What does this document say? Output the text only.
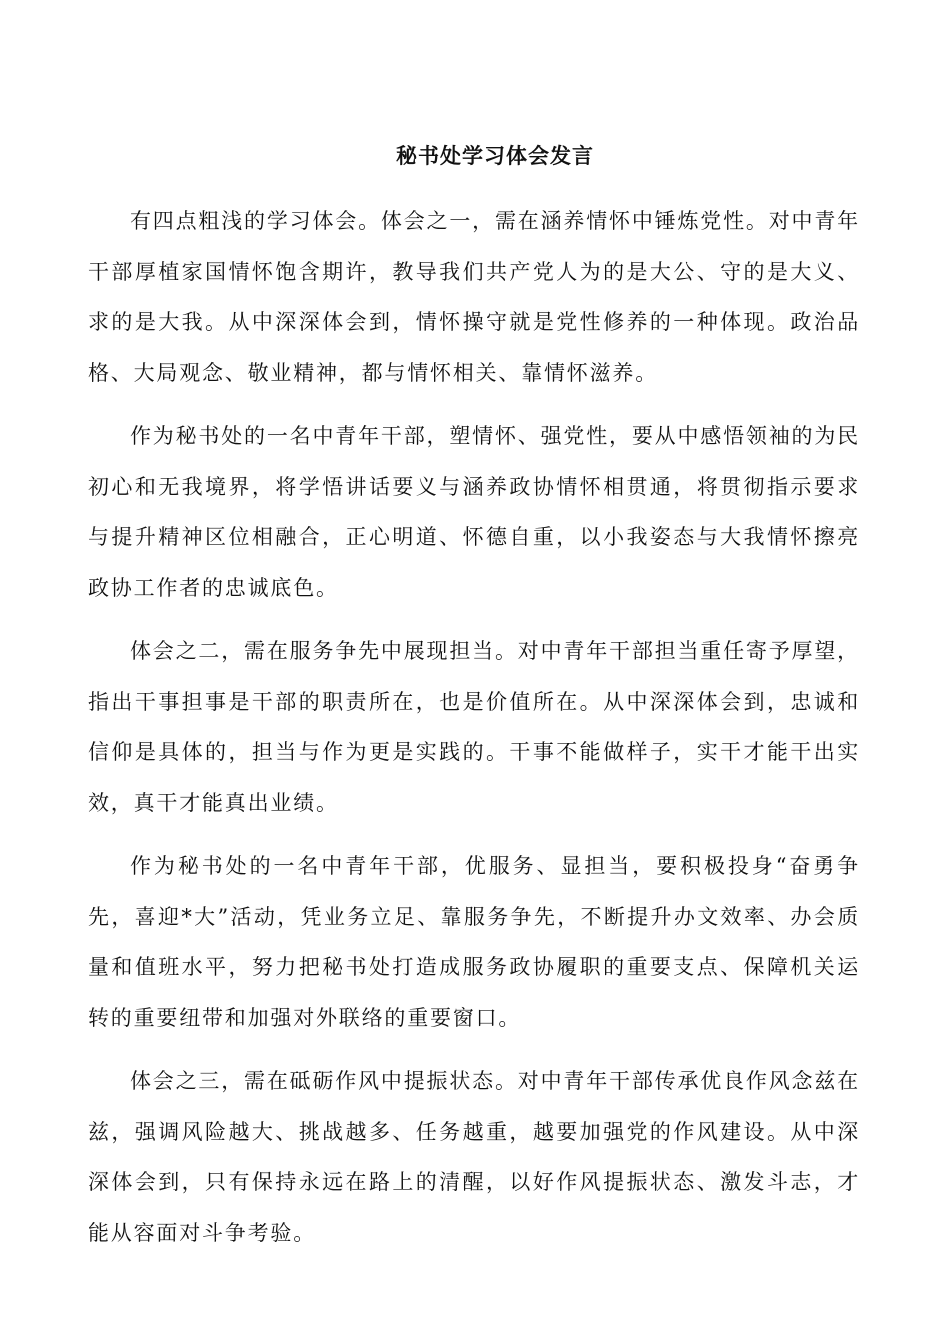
秘书处学习体会发言

有四点粗浅的学习体会。体会之一，需在涵养情怀中锤炼党性。对中青年干部厚植家国情怀饱含期许，教导我们共产党人为的是大公、守的是大义、求的是大我。从中深深体会到，情怀操守就是党性修养的一种体现。政治品格、大局观念、敬业精神，都与情怀相关、靠情怀滋养。

作为秘书处的一名中青年干部，塑情怀、强党性，要从中感悟领袖的为民初心和无我境界，将学悟讲话要义与涵养政协情怀相贯通，将贯彻指示要求与提升精神区位相融合，正心明道、怀德自重，以小我姿态与大我情怀擦亮政协工作者的忠诚底色。

体会之二，需在服务争先中展现担当。对中青年干部担当重任寄予厚望，指出干事担事是干部的职责所在，也是价值所在。从中深深体会到，忠诚和信仰是具体的，担当与作为更是实践的。干事不能做样子，实干才能干出实效，真干才能真出业绩。

作为秘书处的一名中青年干部，优服务、显担当，要积极投身“奋勇争先，喜迎*大”活动，凭业务立足、靠服务争先，不断提升办文效率、办会质量和值班水平，努力把秘书处打造成服务政协履职的重要支点、保障机关运转的重要纽带和加强对外联络的重要窗口。

体会之三，需在砥砺作风中提振状态。对中青年干部传承优良作风念兹在兹，强调风险越大、挑战越多、任务越重，越要加强党的作风建设。从中深深体会到，只有保持永远在路上的清醒，以好作风提振状态、激发斗志，才能从容面对斗争考验。
